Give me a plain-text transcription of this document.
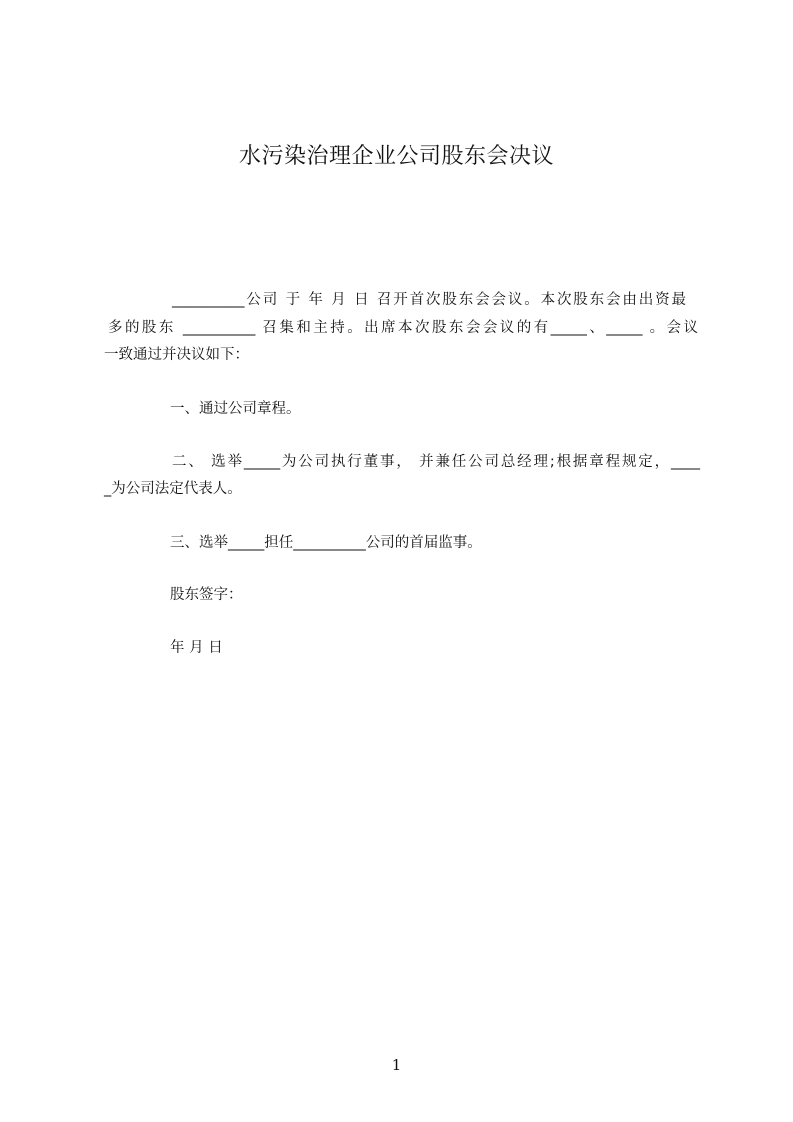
水污染治理企业公司股东会决议
__________公司 于 年 月 日 召开首次股东会会议。本次股东会由出资最
多的股东 __________ 召集和主持。出席本次股东会会议的有_____、_____ 。会议
一致通过并决议如下：
一、通过公司章程。
二、 选举_____为公司执行董事， 并兼任公司总经理;根据章程规定，____
_为公司法定代表人。
三、选举_____担任__________公司的首届监事。
股东签字：
年 月 日
1
